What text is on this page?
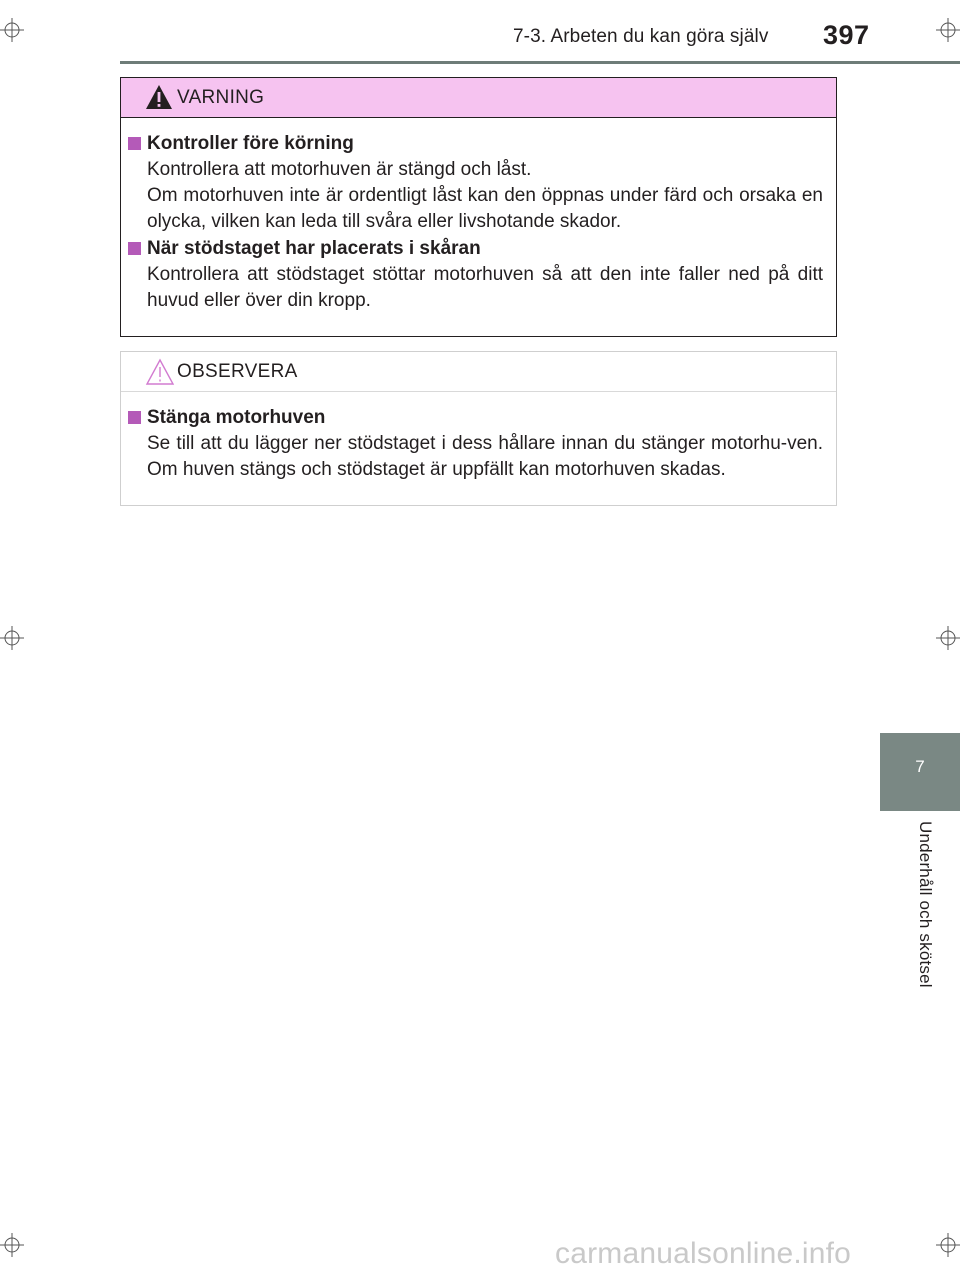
7-3. Arbeten du kan göra själv 397
VARNING
Kontroller före körning

Kontrollera att motorhuven är stängd och låst.

Om motorhuven inte är ordentligt låst kan den öppnas under färd och orsaka en olycka, vilken kan leda till svåra eller livshotande skador.

När stödstaget har placerats i skåran

Kontrollera att stödstaget stöttar motorhuven så att den inte faller ned på ditt huvud eller över din kropp.

OBSERVERA
Stänga motorhuven

Se till att du lägger ner stödstaget i dess hållare innan du stänger motorhu-ven. Om huven stängs och stödstaget är uppfällt kan motorhuven skadas.

7
Underhåll och skötsel
carmanualsonline.info
